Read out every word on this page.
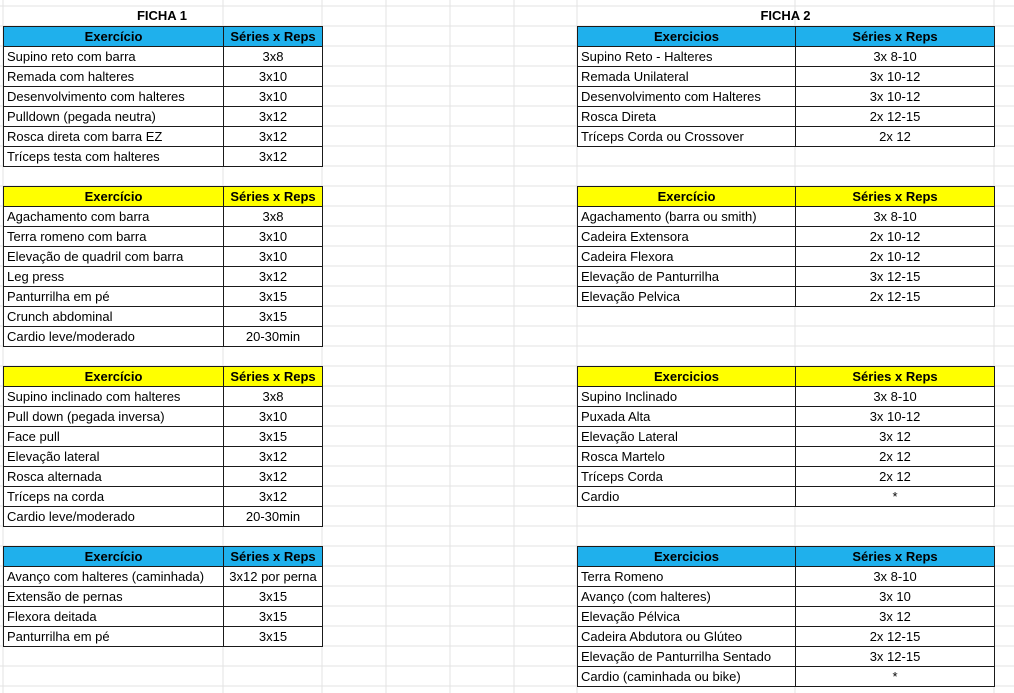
FICHA 1
Exercício	Séries x Reps
Supino reto com barra	3x8
Remada com halteres	3x10
Desenvolvimento com halteres	3x10
Pulldown (pegada neutra)	3x12
Rosca direta com barra EZ	3x12
Tríceps testa com halteres	3x12
Exercício	Séries x Reps
Agachamento com barra	3x8
Terra romeno com barra	3x10
Elevação de quadril com barra	3x10
Leg press	3x12
Panturrilha em pé	3x15
Crunch abdominal	3x15
Cardio leve/moderado	20-30min
Exercício	Séries x Reps
Supino inclinado com halteres	3x8
Pull down (pegada inversa)	3x10
Face pull	3x15
Elevação lateral	3x12
Rosca alternada	3x12
Tríceps na corda	3x12
Cardio leve/moderado	20-30min
Exercício	Séries x Reps
Avanço com halteres (caminhada)	3x12 por perna
Extensão de pernas	3x15
Flexora deitada	3x15
Panturrilha em pé	3x15
FICHA 2
Exercicios	Séries x Reps
Supino Reto - Halteres	3x 8-10
Remada Unilateral	3x 10-12
Desenvolvimento com Halteres	3x 10-12
Rosca Direta	2x 12-15
Tríceps Corda ou Crossover	2x 12
Exercício	Séries x Reps
Agachamento (barra ou smith)	3x 8-10
Cadeira Extensora	2x 10-12
Cadeira Flexora	2x 10-12
Elevação de Panturrilha	3x 12-15
Elevação Pelvica	2x 12-15
Exercicios	Séries x Reps
Supino Inclinado	3x 8-10
Puxada Alta	3x 10-12
Elevação Lateral	3x 12
Rosca Martelo	2x 12
Tríceps Corda	2x 12
Cardio	*
Exercicios	Séries x Reps
Terra Romeno	3x 8-10
Avanço (com halteres)	3x 10
Elevação Pélvica	3x 12
Cadeira Abdutora ou Glúteo	2x 12-15
Elevação de Panturrilha Sentado	3x 12-15
Cardio (caminhada ou bike)	*
